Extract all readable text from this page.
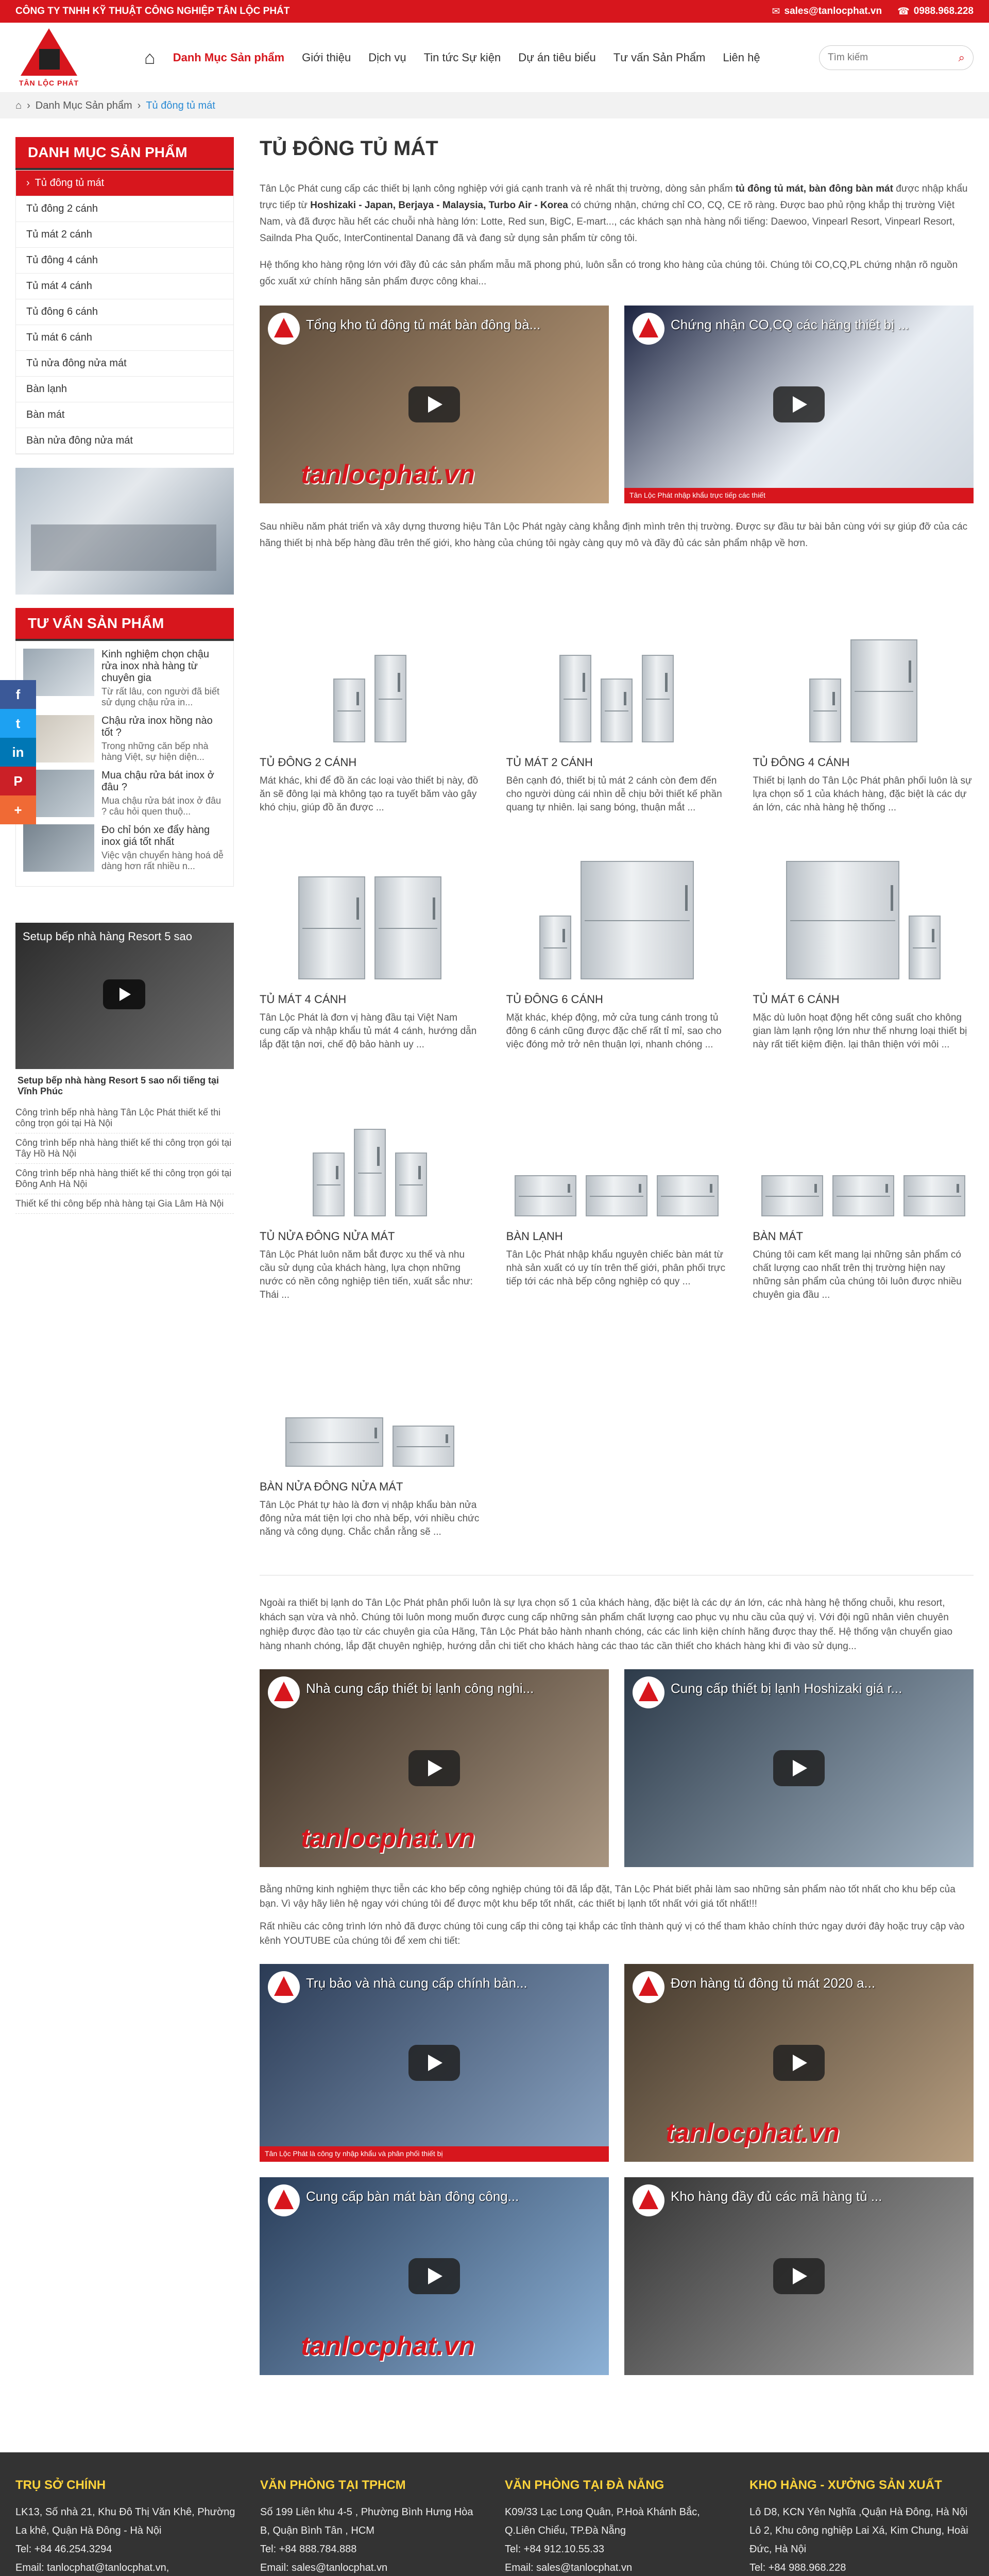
CÔNG TY TNHH KỸ THUẬT CÔNG NGHIỆP TÂN LỘC PHÁT	✉ sales@tanlocphat.vn ☎ 0988.968.228
TÂN LỘC PHÁT
⌂ Danh Mục Sản phẩm Giới thiệu Dịch vụ Tin tức Sự kiện Dự án tiêu biểu Tư vấn Sản Phẩm Liên hệ
Tìm kiếm	⌕
⌂ › Danh Mục Sản phẩm › Tủ đông tủ mát
DANH MỤC SẢN PHẨM
› Tủ đông tủ mát
Tủ đông 2 cánh
Tủ mát 2 cánh
Tủ đông 4 cánh
Tủ mát 4 cánh
Tủ đông 6 cánh
Tủ mát 6 cánh
Tủ nửa đông nửa mát
Bàn lạnh
Bàn mát
Bàn nửa đông nửa mát
TƯ VẤN SẢN PHẨM
Kinh nghiệm chọn chậu rửa inox nhà hàng từ chuyên gia

Từ rất lâu, con người đã biết sử dụng chậu rửa in...

Chậu rửa inox hồng nào tốt ?

Trong những căn bếp nhà hàng Việt, sự hiện diện...

Mua chậu rửa bát inox ở đâu ?

Mua chậu rửa bát inox ở đâu ? câu hỏi quen thuộ...

Đo chỉ bón xe đẩy hàng inox giá tốt nhất

Việc vận chuyển hàng hoá dễ dàng hơn rất nhiều n...

Setup bếp nhà hàng Resort 5 sao
Setup bếp nhà hàng Resort 5 sao nổi tiếng tại Vĩnh Phúc
Công trình bếp nhà hàng Tân Lộc Phát thiết kế thi công trọn gói tại Hà Nội
Công trình bếp nhà hàng thiết kế thi công trọn gói tại Tây Hồ Hà Nội
Công trình bếp nhà hàng thiết kế thi công trọn gói tại Đông Anh Hà Nội
Thiết kế thi công bếp nhà hàng tại Gia Lâm Hà Nội
TỦ ĐÔNG TỦ MÁT

Tân Lộc Phát cung cấp các thiết bị lạnh công nghiệp với giá cạnh tranh và rẻ nhất thị trường, dòng sản phẩm tủ đông tủ mát, bàn đông bàn mát được nhập khẩu trực tiếp từ Hoshizaki - Japan, Berjaya - Malaysia, Turbo Air - Korea có chứng nhận, chứng chỉ CO, CQ, CE rõ ràng. Được bao phủ rộng khắp thị trường Việt Nam, và đã được hầu hết các chuỗi nhà hàng lớn: Lotte, Red sun, BigC, E-mart..., các khách sạn nhà hàng nổi tiếng: Daewoo, Vinpearl Resort, Vinpearl Resort, Sailnda Pha Quốc, InterContinental Danang đã và đang sử dụng sản phẩm từ công tôi.

Hệ thống kho hàng rộng lớn với đầy đủ các sản phẩm mẫu mã phong phú, luôn sẵn có trong kho hàng của chúng tôi. Chúng tôi CO,CQ,PL chứng nhận rõ nguồn gốc xuất xứ chính hãng sản phẩm được công khai...

Tổng kho tủ đông tủ mát bàn đông bà...
tanlocphat.vn
Chứng nhận CO,CQ các hãng thiết bị ...
Tân Lộc Phát nhập khẩu trực tiếp các thiết

Sau nhiều năm phát triển và xây dựng thương hiệu Tân Lộc Phát ngày càng khẳng định mình trên thị trường. Được sự đầu tư bài bản cùng với sự giúp đỡ của các hãng thiết bị nhà bếp hàng đầu trên thế giới, kho hàng của chúng tôi ngày càng quy mô và đầy đủ các sản phẩm nhập về hơn.

TỦ ĐÔNG 2 CÁNH

Mát khác, khi để đồ ăn các loại vào thiết bị này, đồ ăn sẽ đông lại mà không tạo ra tuyết băm vào gây khó chịu, giúp đồ ăn được ...

TỦ MÁT 2 CÁNH

Bên cạnh đó, thiết bị tủ mát 2 cánh còn đem đến cho người dùng cái nhìn dễ chịu bởi thiết kế phần quang tự nhiên. lại sang bóng, thuận mắt ...

TỦ ĐÔNG 4 CÁNH

Thiết bị lạnh do Tân Lộc Phát phân phối luôn là sự lựa chọn số 1 của khách hàng, đặc biệt là các dự án lớn, các nhà hàng hệ thống ...

TỦ MÁT 4 CÁNH

Tân Lộc Phát là đơn vị hàng đầu tại Việt Nam cung cấp và nhập khẩu tủ mát 4 cánh, hướng dẫn lắp đặt tận nơi, chế độ bảo hành uy ...

TỦ ĐÔNG 6 CÁNH

Mặt khác, khép động, mở cửa tung cánh trong tủ đông 6 cánh cũng được đặc chế rất tỉ mỉ, sao cho việc đóng mở trở nên thuận lợi, nhanh chóng ...

TỦ MÁT 6 CÁNH

Mặc dù luôn hoạt động hết công suất cho không gian làm lạnh rộng lớn như thế nhưng loại thiết bị này rất tiết kiệm điện. lại thân thiện với môi ...

TỦ NỬA ĐÔNG NỬA MÁT

Tân Lộc Phát luôn năm bắt được xu thế và nhu cầu sử dụng của khách hàng, lựa chọn những nước có nền công nghiệp tiên tiến, xuất sắc như: Thái ...

BÀN LẠNH

Tân Lộc Phát nhập khẩu nguyên chiếc bàn mát từ nhà sản xuất có uy tín trên thế giới, phân phối trực tiếp tới các nhà bếp công nghiệp có quy ...

BÀN MÁT

Chúng tôi cam kết mang lại những sản phẩm có chất lượng cao nhất trên thị trường hiện nay những sản phẩm của chúng tôi luôn được nhiều chuyên gia đầu ...

BÀN NỬA ĐÔNG NỬA MÁT

Tân Lộc Phát tự hào là đơn vị nhập khẩu bàn nửa đông nửa mát tiện lợi cho nhà bếp, với nhiều chức năng và công dụng. Chắc chắn rằng sẽ ...

Ngoài ra thiết bị lạnh do Tân Lộc Phát phân phối luôn là sự lựa chọn số 1 của khách hàng, đặc biệt là các dự án lớn, các nhà hàng hệ thống chuỗi, khu resort, khách sạn vừa và nhỏ. Chúng tôi luôn mong muốn được cung cấp những sản phẩm chất lượng cao phục vụ nhu cầu của quý vị. Với đội ngũ nhân viên chuyên nghiệp được đào tạo từ các chuyên gia của Hãng, Tân Lộc Phát bảo hành nhanh chóng, các các linh kiện chính hãng được thay thế. Hệ thống vận chuyển giao hàng nhanh chóng, lắp đặt chuyên nghiệp, hướng dẫn chi tiết cho khách hàng các thao tác cần thiết cho khách hàng khi đi vào sử dụng...

Nhà cung cấp thiết bị lạnh công nghi...
tanlocphat.vn
Cung cấp thiết bị lạnh Hoshizaki giá r...

Bằng những kinh nghiệm thực tiễn các kho bếp công nghiệp chúng tôi đã lắp đặt, Tân Lộc Phát biết phải làm sao những sản phẩm nào tốt nhất cho khu bếp của bạn. Vì vậy hãy liên hệ ngay với chúng tôi để được một khu bếp tốt nhất, các thiết bị lạnh tốt nhất với giá tốt nhất!!!

Rất nhiều các công trình lớn nhỏ đã được chúng tôi cung cấp thi công tại khắp các tỉnh thành quý vị có thể tham khảo chính thức ngay dưới đây hoặc truy cập vào kênh YOUTUBE của chúng tôi để xem chi tiết:

Trụ bảo và nhà cung cấp chính bản...
Tân Lộc Phát là công ty nhập khẩu và phân phối thiết bị
Đơn hàng tủ đông tủ mát 2020 a...
tanlocphat.vn
Cung cấp bàn mát bàn đông công...
tanlocphat.vn
Kho hàng đầy đủ các mã hàng tủ ...
TRỤ SỞ CHÍNH

LK13, Số nhà 21, Khu Đô Thị Văn Khê, Phường La khê, Quận Hà Đông - Hà Nội

Tel: +84 46.254.3294

Email: tanlocphat@tanlocphat.vn,

VĂN PHÒNG TẠI TPHCM

Số 199 Liên khu 4-5 , Phường Bình Hưng Hòa B, Quận Bình Tân , HCM

Tel: +84 888.784.888

Email: sales@tanlocphat.vn

VĂN PHÒNG TẠI ĐÀ NẴNG

K09/33 Lạc Long Quân, P.Hoà Khánh Bắc, Q.Liên Chiểu, TP.Đà Nẵng

Tel: +84 912.10.55.33

Email: sales@tanlocphat.vn

KHO HÀNG - XƯỞNG SẢN XUẤT

Lô D8, KCN Yên Nghĩa ,Quận Hà Đông, Hà Nội

Lô 2, Khu công nghiệp Lai Xá, Kim Chung, Hoài Đức, Hà Nội

Tel: +84 988.968.228

f
t
in
P
+
